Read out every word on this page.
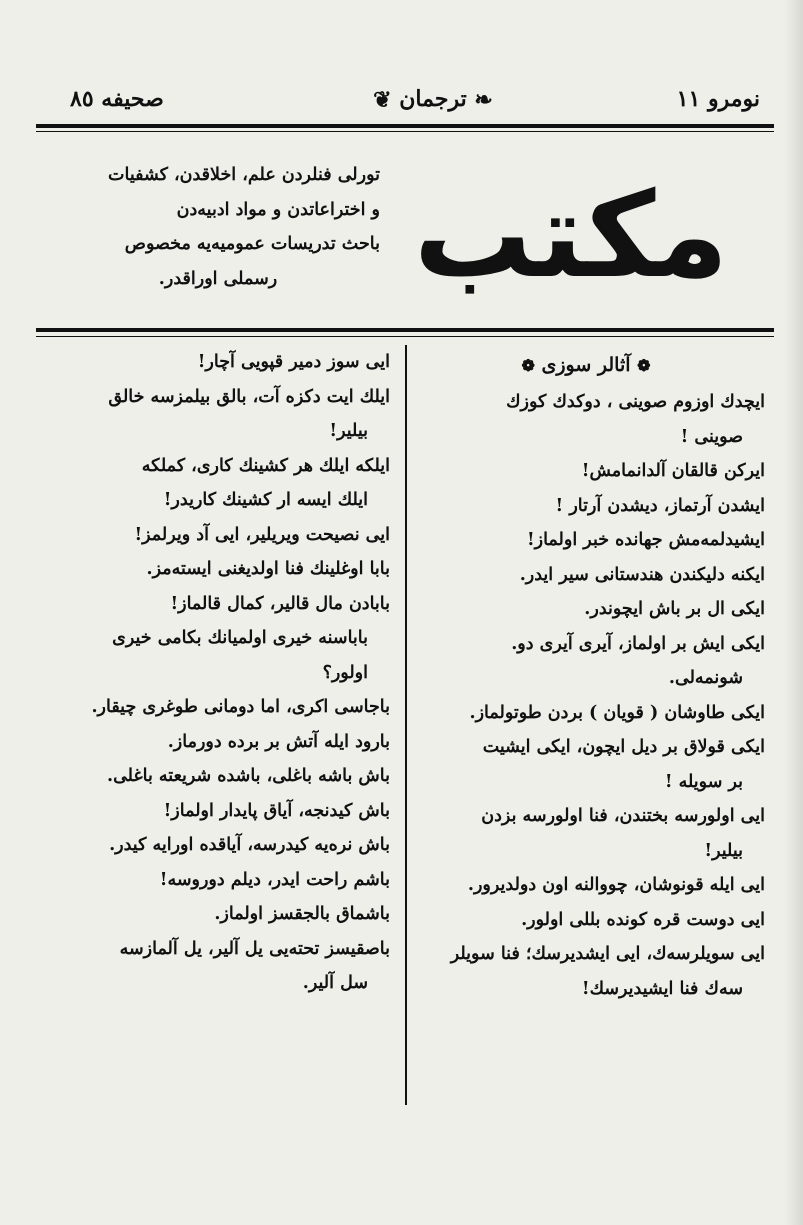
نومرو ١١
❧ ترجمان ❦
صحیفه ٨٥
مكتب
تورلی فنلردن علم، اخلاقدن، كشفیات
و اختراعاتدن و مواد ادبیه‌دن
باحث تدریسات عمومیه‌یه مخصوص
رسملی اوراقدر.
❁ آثالر سوزی ❁
ایچدك اوزوم صوینی ، دوكدك كوزك
صوینی !
ایركن قالقان آلدانمامش!
ایشدن آرتماز، دیشدن آرتار !
ایشیدلمه‌مش جهانده خبر اولماز!
ایكنه دلیكندن هندستانی سیر ایدر.
ایكی ال بر باش ایچوندر.
ایكی ایش بر اولماز، آیری آیری دو.
شونمه‌لی.
ایكی طاوشان ( قویان ) بردن طوتولماز.
ایكی قولاق بر دیل ایچون، ایكی ایشیت
بر سویله !
ایی اولورسه بختندن، فنا اولورسه بزدن
بیلیر!
ایی ایله قونوشان، چووالنه اون دولدیرور.
ایی دوست قره كونده بللی اولور.
ایی سویلرسه‌ك، ایی ایشدیرسك؛ فنا سویلر
سه‌ك فنا ایشیدیرسك!
ایی سوز دمیر قپویی آچار!
ایلك ایت دكزه آت، بالق بیلمزسه خالق
بیلیر!
ایلكه ایلك هر كشینك كاری، كملكه
ایلك ایسه ار كشینك كاریدر!
ایی نصیحت ویریلیر، ایی آد ویرلمز!
بابا اوغلینك فنا اولدیغنی ایسته‌مز.
بابادن مال قالیر، كمال قالماز!
باباسنه خیری اولمیانك بكامی خیری
اولور؟
باجاسی اكری، اما دومانی طوغری چیقار.
بارود ایله آتش بر برده دورماز.
باش باشه باغلی، باشده شریعته باغلی.
باش كیدنجه، آیاق پایدار اولماز!
باش نره‌یه كیدرسه، آیاقده اورایه كیدر.
باشم راحت ایدر، دیلم دوروسه!
باشماق بالجقسز اولماز.
باصقیسز تحته‌یی یل آلیر، یل آلمازسه
سل آلیر.
